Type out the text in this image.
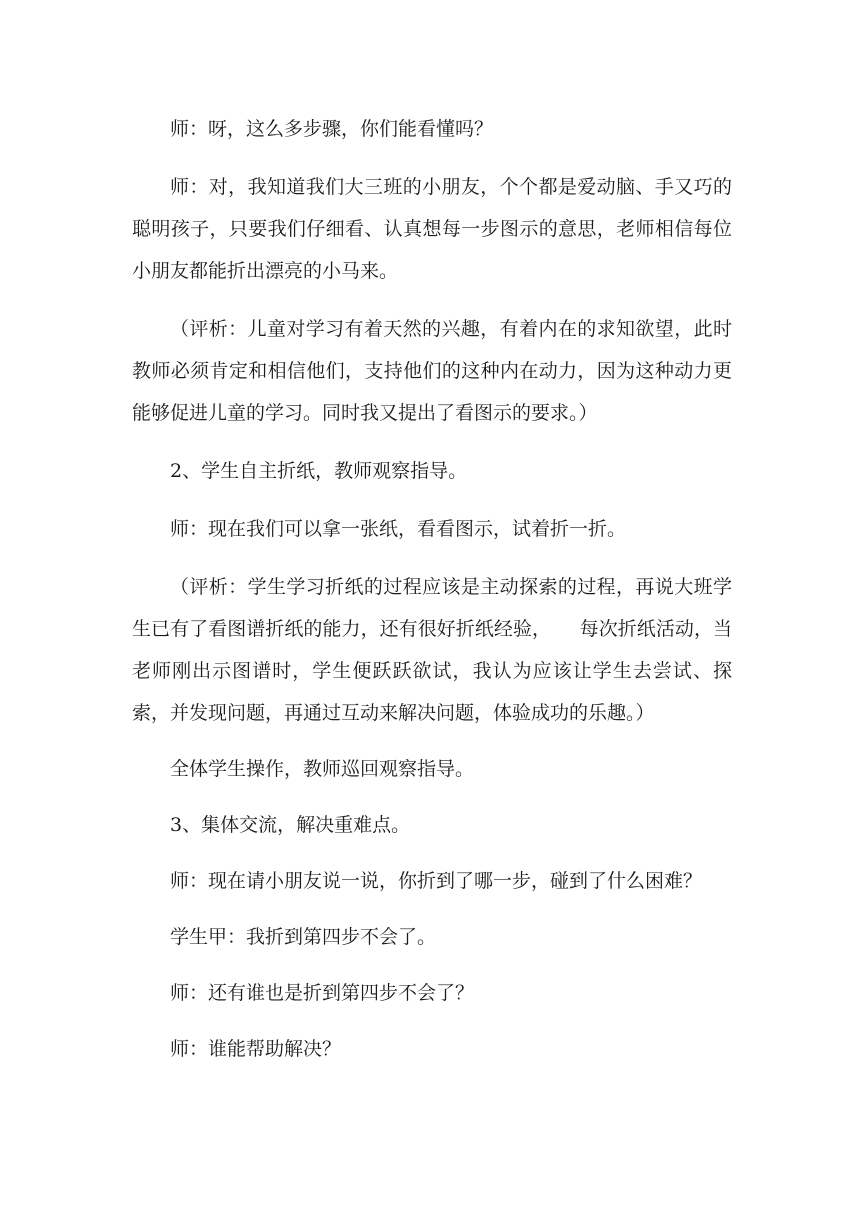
师：呀，这么多步骤，你们能看懂吗？

师：对，我知道我们大三班的小朋友，个个都是爱动脑、手又巧的聪明孩子，只要我们仔细看、认真想每一步图示的意思，老师相信每位小朋友都能折出漂亮的小马来。

（评析：儿童对学习有着天然的兴趣，有着内在的求知欲望，此时教师必须肯定和相信他们，支持他们的这种内在动力，因为这种动力更能够促进儿童的学习。同时我又提出了看图示的要求。）

2、学生自主折纸，教师观察指导。

师：现在我们可以拿一张纸，看看图示，试着折一折。

（评析：学生学习折纸的过程应该是主动探索的过程，再说大班学生已有了看图谱折纸的能力，还有很好折纸经验，　　每次折纸活动，当老师刚出示图谱时，学生便跃跃欲试，我认为应该让学生去尝试、探索，并发现问题，再通过互动来解决问题，体验成功的乐趣。）

全体学生操作，教师巡回观察指导。

3、集体交流，解决重难点。

师：现在请小朋友说一说，你折到了哪一步，碰到了什么困难？

学生甲：我折到第四步不会了。

师：还有谁也是折到第四步不会了？

师：谁能帮助解决？
